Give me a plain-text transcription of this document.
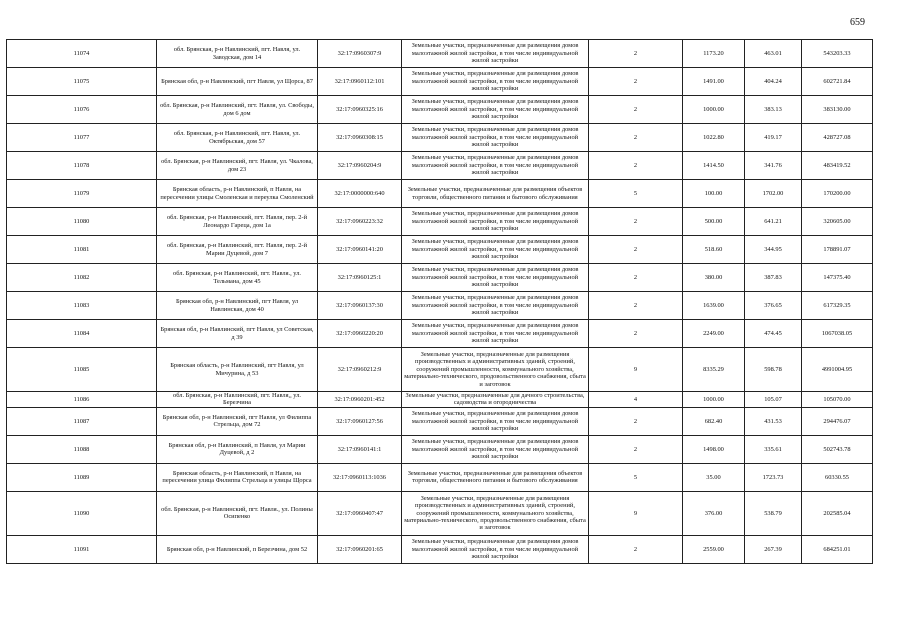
659
11074	обл. Брянская, р-н Навлинский, пгт. Навля, ул. Заводская, дом 14	32:17:0960307:9	Земельные участки, предназначенные для размещения домов малоэтажной жилой застройки, в том числе индивидуальной жилой застройки	2	1173.20	463.01	543203.33
11075	Брянская обл, р-н Навлинский, пгт Навля, ул Щорса, 87	32:17:0960112:101	Земельные участки, предназначенные для размещения домов малоэтажной жилой застройки, в том числе индивидуальной жилой застройки	2	1491.00	404.24	602721.84
11076	обл. Брянская, р-н Навлинский, пгт. Навля, ул. Свободы, дом 6 дом	32:17:0960325:16	Земельные участки, предназначенные для размещения домов малоэтажной жилой застройки, в том числе индивидуальной жилой застройки	2	1000.00	383.13	383130.00
11077	обл. Брянская, р-н Навлинский, пгт. Навля, ул. Октябрьская, дом 57	32:17:0960308:15	Земельные участки, предназначенные для размещения домов малоэтажной жилой застройки, в том числе индивидуальной жилой застройки	2	1022.80	419.17	428727.08
11078	обл. Брянская, р-н Навлинский, пгт. Навля, ул. Чкалова, дом 23	32:17:0960204:9	Земельные участки, предназначенные для размещения домов малоэтажной жилой застройки, в том числе индивидуальной жилой застройки	2	1414.50	341.76	483419.52
11079	Брянская область, р-н Навлинский, п Навля, на пересечении улицы Смоленская и переулка Смоленский	32:17:0000000:640	Земельные участки, предназначенные для размещения объектов торговли, общественного питания и бытового обслуживания	5	100.00	1702.00	170200.00
11080	обл. Брянская, р-н Навлинский, пгт. Навля, пер. 2-й Леонардо Гареца, дом 1а	32:17:0960223:32	Земельные участки, предназначенные для размещения домов малоэтажной жилой застройки, в том числе индивидуальной жилой застройки	2	500.00	641.21	320605.00
11081	обл. Брянская, р-н Навлинский, пгт. Навля, пер. 2-й Марии Дуцевой, дом 7	32:17:0960141:20	Земельные участки, предназначенные для размещения домов малоэтажной жилой застройки, в том числе индивидуальной жилой застройки	2	518.60	344.95	178891.07
11082	обл. Брянская, р-н Навлинский, пгт. Навля., ул. Тельмана, дом 45	32:17:0960125:1	Земельные участки, предназначенные для размещения домов малоэтажной жилой застройки, в том числе индивидуальной жилой застройки	2	380.00	387.83	147375.40
11083	Брянская обл, р-н Навлинский, пгт Навля, ул Навлинская, дом 40	32:17:0960137:30	Земельные участки, предназначенные для размещения домов малоэтажной жилой застройки, в том числе индивидуальной жилой застройки	2	1639.00	376.65	617329.35
11084	Брянская обл, р-н Навлинский, пгт Навля, ул Советская, д 39	32:17:0960220:20	Земельные участки, предназначенные для размещения домов малоэтажной жилой застройки, в том числе индивидуальной жилой застройки	2	2249.00	474.45	1067038.05
11085	Брянская область, р-н Навлинский, пгт Навля, ул Мичурина, д 53	32:17:0960212:9	Земельные участки, предназначенные для размещения производственных и административных зданий, строений, сооружений промышленности, коммунального хозяйства, материально-технического, продовольственного снабжения, сбыта и заготовок	9	8335.29	598.78	4991004.95
11086	обл. Брянская, р-н Навлинский, пгт. Навля,, ул. Березчина	32:17:0960201:452	Земельные участки, предназначенные для дачного строительства, садоводства и огородничества	4	1000.00	105.07	105070.00
11087	Брянская обл, р-н Навлинский, пгт Навля, ул Филиппа Стрельца, дом 72	32:17:0960127:56	Земельные участки, предназначенные для размещения домов малоэтажной жилой застройки, в том числе индивидуальной жилой застройки	2	682.40	431.53	294476.07
11088	Брянская обл, р-н Навлинский, п Навля, ул Марии Дуцевой, д 2	32:17:0960141:1	Земельные участки, предназначенные для размещения домов малоэтажной жилой застройки, в том числе индивидуальной жилой застройки	2	1498.00	335.61	502743.78
11089	Брянская область, р-н Навлинский, п Навля, на пересечении улица Филиппа Стрельца и улицы Щорса	32:17:0960113:1036	Земельные участки, предназначенные для размещения объектов торговли, общественного питания и бытового обслуживания	5	35.00	1723.73	60330.55
11090	обл. Брянская, р-н Навлинский, пгт. Навля., ул. Полины Осипенко	32:17:0960407:47	Земельные участки, предназначенные для размещения производственных и административных зданий, строений, сооружений промышленности, коммунального хозяйства, материально-технического, продовольственного снабжения, сбыта и заготовок	9	376.00	538.79	202585.04
11091	Брянская обл, р-н Навлинский, п Березчина, дом 52	32:17:0960201:65	Земельные участки, предназначенные для размещения домов малоэтажной жилой застройки, в том числе индивидуальной жилой застройки	2	2559.00	267.39	684251.01
